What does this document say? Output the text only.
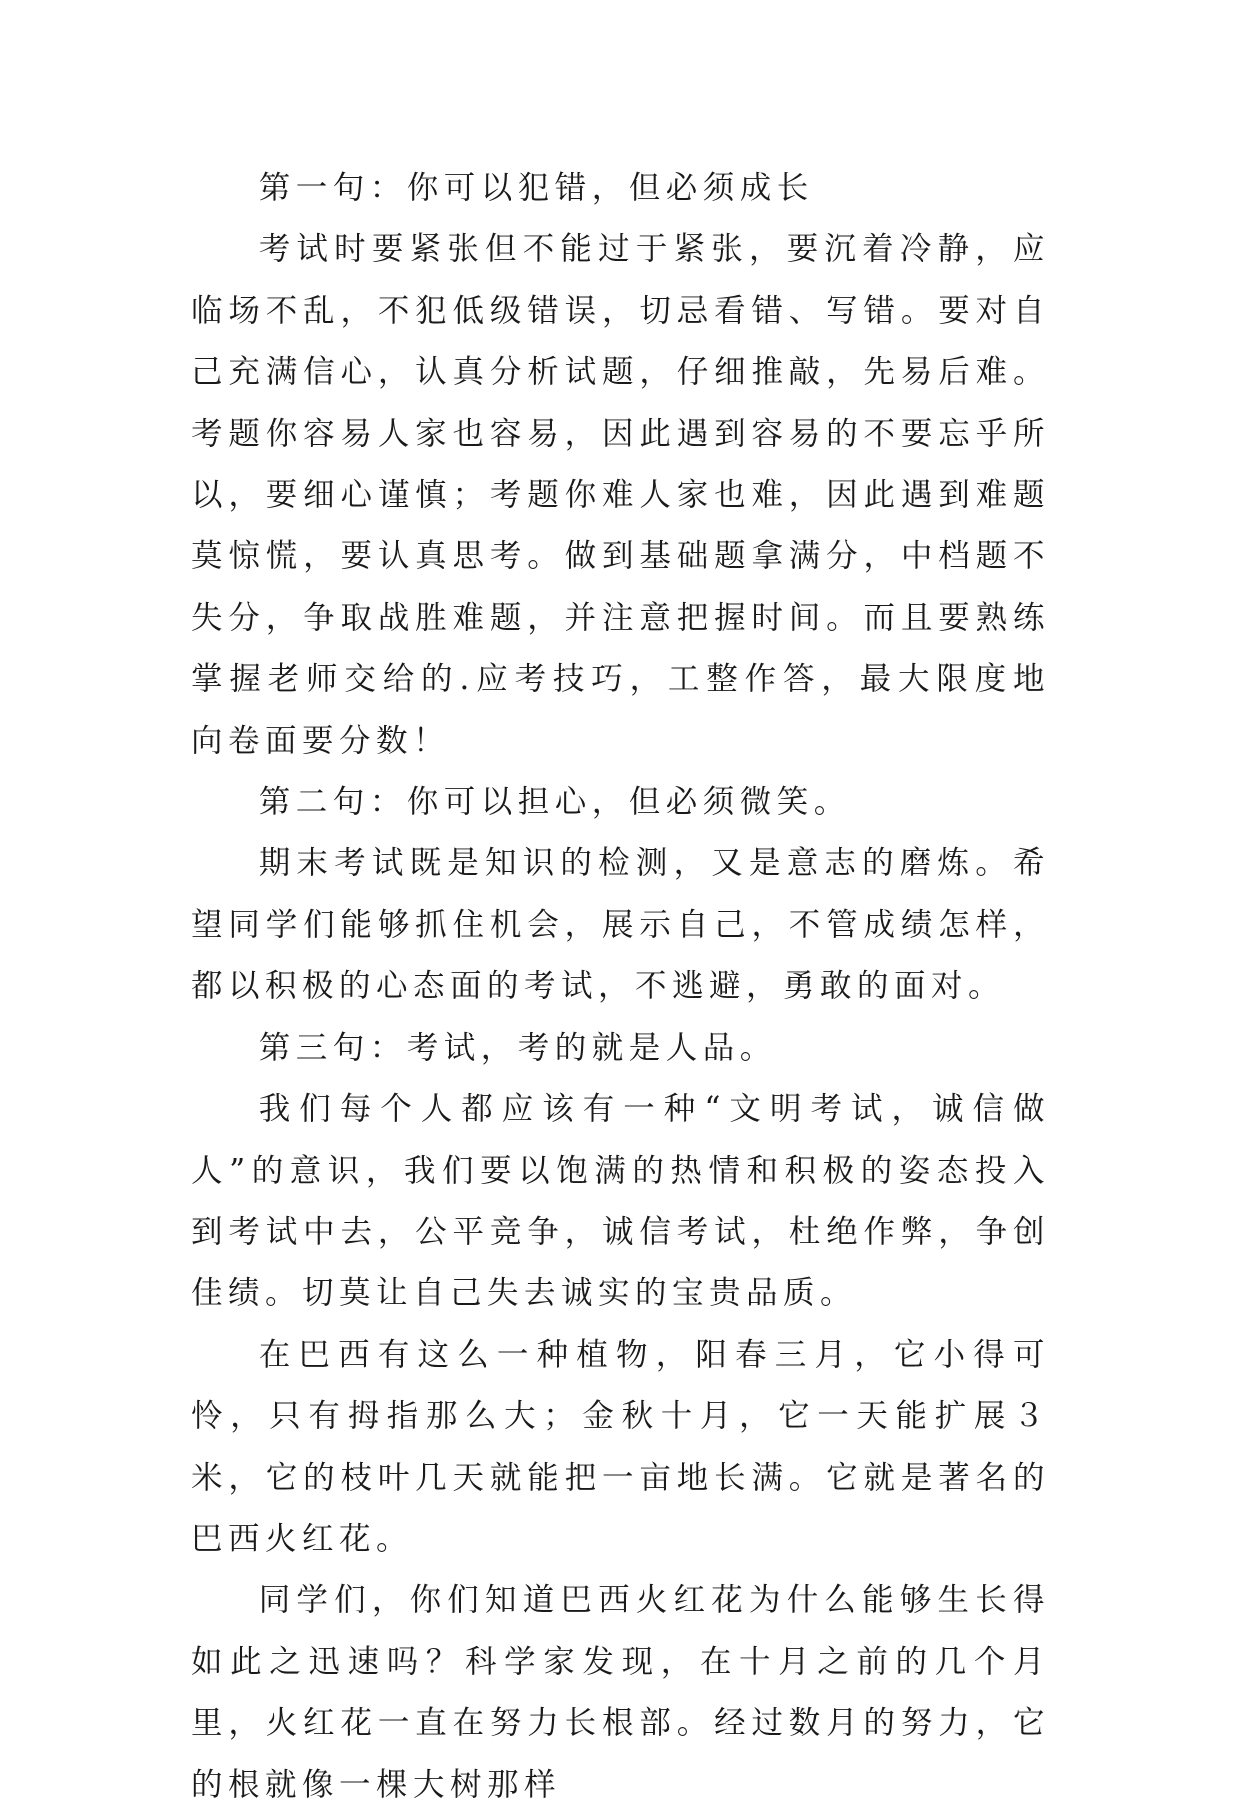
第一句：你可以犯错，但必须成长

考试时要紧张但不能过于紧张，要沉着冷静，应临场不乱，不犯低级错误，切忌看错、写错。要对自己充满信心，认真分析试题，仔细推敲，先易后难。考题你容易人家也容易，因此遇到容易的不要忘乎所以，要细心谨慎；考题你难人家也难，因此遇到难题莫惊慌，要认真思考。做到基础题拿满分，中档题不失分，争取战胜难题，并注意把握时间。而且要熟练掌握老师交给的.应考技巧，工整作答，最大限度地向卷面要分数！

第二句：你可以担心，但必须微笑。

期末考试既是知识的检测，又是意志的磨炼。希望同学们能够抓住机会，展示自己，不管成绩怎样，都以积极的心态面的考试，不逃避，勇敢的面对。

第三句：考试，考的就是人品。

我们每个人都应该有一种“文明考试，诚信做人”的意识，我们要以饱满的热情和积极的姿态投入到考试中去，公平竞争，诚信考试，杜绝作弊，争创佳绩。切莫让自己失去诚实的宝贵品质。

在巴西有这么一种植物，阳春三月，它小得可怜，只有拇指那么大；金秋十月，它一天能扩展３米，它的枝叶几天就能把一亩地长满。它就是著名的巴西火红花。

同学们，你们知道巴西火红花为什么能够生长得如此之迅速吗？科学家发现，在十月之前的几个月里，火红花一直在努力长根部。经过数月的努力，它的根就像一棵大树那样
